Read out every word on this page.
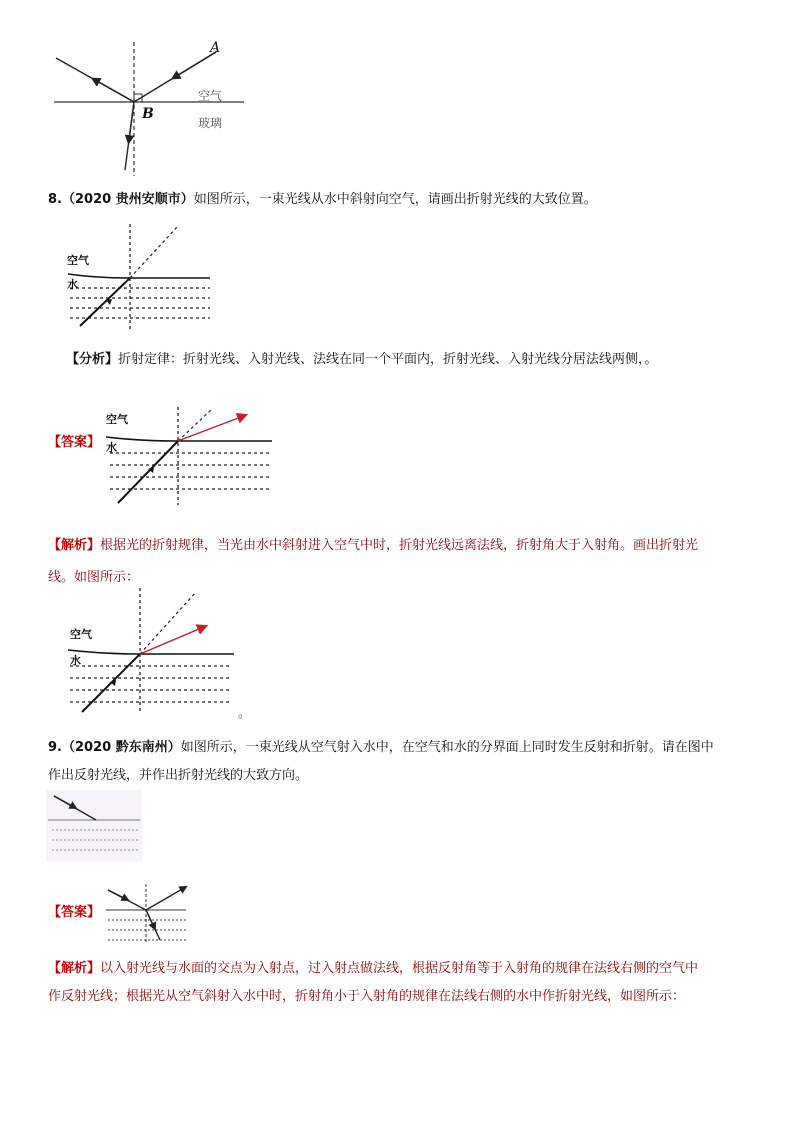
A
B
空气
玻璃
8.（2020 贵州安顺市）如图所示，一束光线从水中斜射向空气，请画出折射光线的大致位置。
空气
水
【分析】折射定律：折射光线、入射光线、法线在同一个平面内，折射光线、入射光线分居法线两侧，。
【答案】
空气
水
【解析】根据光的折射规律，当光由水中斜射进入空气中时，折射光线远离法线，折射角大于入射角。画出折射光
线。如图所示：
空气
水
。
9.（2020 黔东南州）如图所示，一束光线从空气射入水中，在空气和水的分界面上同时发生反射和折射。请在图中
作出反射光线，并作出折射光线的大致方向。
【答案】
【解析】以入射光线与水面的交点为入射点，过入射点做法线，根据反射角等于入射角的规律在法线右侧的空气中
作反射光线；根据光从空气斜射入水中时，折射角小于入射角的规律在法线右侧的水中作折射光线，如图所示：
